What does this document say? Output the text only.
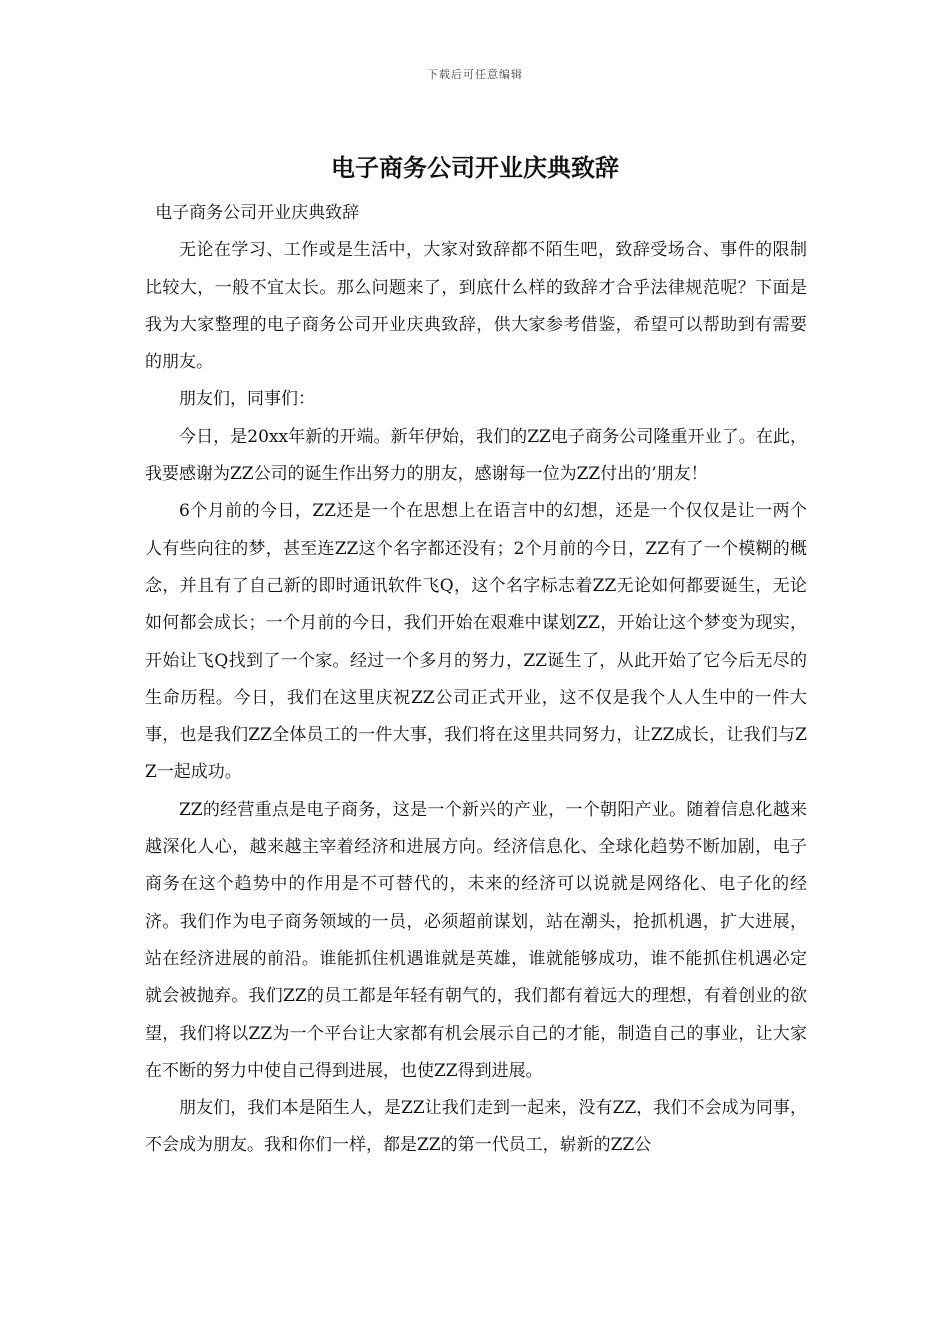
下载后可任意编辑
电子商务公司开业庆典致辞

电子商务公司开业庆典致辞

无论在学习、工作或是生活中，大家对致辞都不陌生吧，致辞受场合、事件的限制比较大，一般不宜太长。那么问题来了，到底什么样的致辞才合乎法律规范呢？下面是我为大家整理的电子商务公司开业庆典致辞，供大家参考借鉴，希望可以帮助到有需要的朋友。

朋友们，同事们：

今日，是20xx年新的开端。新年伊始，我们的ZZ电子商务公司隆重开业了。在此，我要感谢为ZZ公司的诞生作出努力的朋友，感谢每一位为ZZ付出的’朋友！

6个月前的今日，ZZ还是一个在思想上在语言中的幻想，还是一个仅仅是让一两个人有些向往的梦，甚至连ZZ这个名字都还没有；2个月前的今日，ZZ有了一个模糊的概念，并且有了自己新的即时通讯软件飞Q，这个名字标志着ZZ无论如何都要诞生，无论如何都会成长；一个月前的今日，我们开始在艰难中谋划ZZ，开始让这个梦变为现实，开始让飞Q找到了一个家。经过一个多月的努力，ZZ诞生了，从此开始了它今后无尽的生命历程。今日，我们在这里庆祝ZZ公司正式开业，这不仅是我个人人生中的一件大事，也是我们ZZ全体员工的一件大事，我们将在这里共同努力，让ZZ成长，让我们与ZZ一起成功。

ZZ的经营重点是电子商务，这是一个新兴的产业，一个朝阳产业。随着信息化越来越深化人心，越来越主宰着经济和进展方向。经济信息化、全球化趋势不断加剧，电子商务在这个趋势中的作用是不可替代的，未来的经济可以说就是网络化、电子化的经济。我们作为电子商务领域的一员，必须超前谋划，站在潮头，抢抓机遇，扩大进展，站在经济进展的前沿。谁能抓住机遇谁就是英雄，谁就能够成功，谁不能抓住机遇必定就会被抛弃。我们ZZ的员工都是年轻有朝气的，我们都有着远大的理想，有着创业的欲望，我们将以ZZ为一个平台让大家都有机会展示自己的才能，制造自己的事业，让大家在不断的努力中使自己得到进展，也使ZZ得到进展。

朋友们，我们本是陌生人，是ZZ让我们走到一起来，没有ZZ，我们不会成为同事，不会成为朋友。我和你们一样，都是ZZ的第一代员工，崭新的ZZ公
